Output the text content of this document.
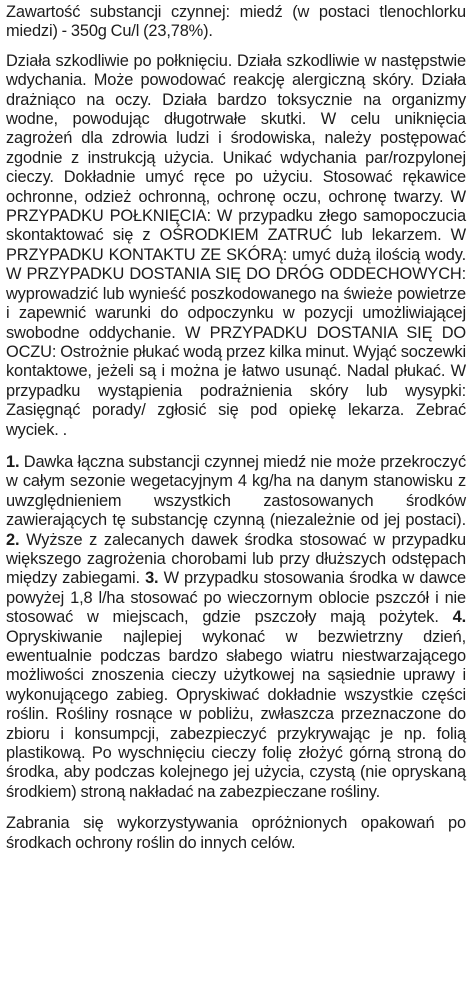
Zawartość substancji czynnej: miedź (w postaci tlenochlorku miedzi) - 350g Cu/l (23,78%).

Działa szkodliwie po połknięciu. Działa szkodliwie w następstwie wdychania. Może powodować reakcję alergiczną skóry. Działa drażniąco na oczy. Działa bardzo toksycznie na organizmy wodne, powodując długotrwałe skutki. W celu uniknięcia zagrożeń dla zdrowia ludzi i środowiska, należy postępować zgodnie z instrukcją użycia. Unikać wdychania par/rozpylonej cieczy. Dokładnie umyć ręce po użyciu. Stosować rękawice ochronne, odzież ochronną, ochronę oczu, ochronę twarzy. W PRZYPADKU POŁKNIĘCIA: W przypadku złego samopoczucia skontaktować się z OŚRODKIEM ZATRUĆ lub lekarzem. W PRZYPADKU KONTAKTU ZE SKÓRĄ: umyć dużą ilością wody. W PRZYPADKU DOSTANIA SIĘ DO DRÓG ODDECHOWYCH: wyprowadzić lub wynieść poszkodowanego na świeże powietrze i zapewnić warunki do odpoczynku w pozycji umożliwiającej swobodne oddychanie. W PRZYPADKU DOSTANIA SIĘ DO OCZU: Ostrożnie płukać wodą przez kilka minut. Wyjąć soczewki kontaktowe, jeżeli są i można je łatwo usunąć. Nadal płukać. W przypadku wystąpienia podrażnienia skóry lub wysypki: Zasięgnąć porady/ zgłosić się pod opiekę lekarza. Zebrać wyciek. .

1. Dawka łączna substancji czynnej miedź nie może przekroczyć w całym sezonie wegetacyjnym 4 kg/ha na danym stanowisku z uwzględnieniem wszystkich zastosowanych środków zawierających tę substancję czynną (niezależnie od jej postaci). 2. Wyższe z zalecanych dawek środka stosować w przypadku większego zagrożenia chorobami lub przy dłuższych odstępach między zabiegami. 3. W przypadku stosowania środka w dawce powyżej 1,8 l/ha stosować po wieczornym oblocie pszczół i nie stosować w miejscach, gdzie pszczoły mają pożytek. 4. Opryskiwanie najlepiej wykonać w bezwietrzny dzień, ewentualnie podczas bardzo słabego wiatru niestwarzającego możliwości znoszenia cieczy użytkowej na sąsiednie uprawy i wykonującego zabieg. Opryskiwać dokładnie wszystkie części roślin. Rośliny rosnące w pobliżu, zwłaszcza przeznaczone do zbioru i konsumpcji, zabezpieczyć przykrywając je np. folią plastikową. Po wyschnięciu cieczy folię złożyć górną stroną do środka, aby podczas kolejnego jej użycia, czystą (nie opryskaną środkiem) stroną nakładać na zabezpieczane rośliny.

Zabrania się wykorzystywania opróżnionych opakowań po środkach ochrony roślin do innych celów.
